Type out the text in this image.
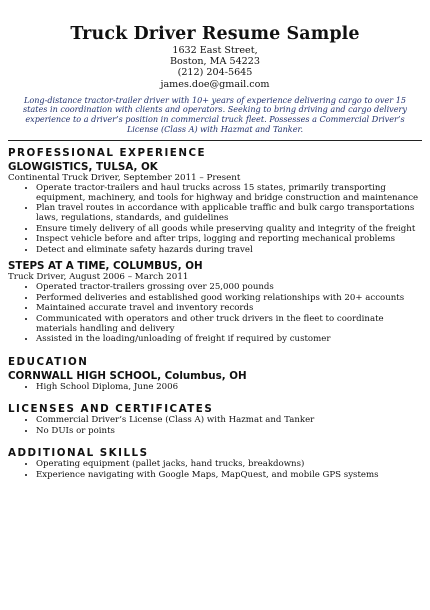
Truck Driver Resume Sample
1632 East Street,
Boston, MA 54223
(212) 204-5645
james.doe@gmail.com
Long-distance tractor-trailer driver with 10+ years of experience delivering cargo to over 15 states in coordination with clients and operators. Seeking to bring driving and cargo delivery experience to a driver’s position in commercial truck fleet. Possesses a Commercial Driver’s License (Class A) with Hazmat and Tanker.
PROFESSIONAL EXPERIENCE
GLOWGISTICS, TULSA, OK
Continental Truck Driver, September 2011 – Present
• Operate tractor-trailers and haul trucks across 15 states, primarily transporting equipment, machinery, and tools for highway and bridge construction and maintenance
• Plan travel routes in accordance with applicable traffic and bulk cargo transportations laws, regulations, standards, and guidelines
• Ensure timely delivery of all goods while preserving quality and integrity of the freight
• Inspect vehicle before and after trips, logging and reporting mechanical problems
• Detect and eliminate safety hazards during travel
STEPS AT A TIME, COLUMBUS, OH
Truck Driver, August 2006 – March 2011
• Operated tractor-trailers grossing over 25,000 pounds
• Performed deliveries and established good working relationships with 20+ accounts
• Maintained accurate travel and inventory records
• Communicated with operators and other truck drivers in the fleet to coordinate materials handling and delivery
• Assisted in the loading/unloading of freight if required by customer
EDUCATION
CORNWALL HIGH SCHOOL, Columbus, OH
• High School Diploma, June 2006
LICENSES AND CERTIFICATES
• Commercial Driver’s License (Class A) with Hazmat and Tanker
• No DUIs or points
ADDITIONAL SKILLS
• Operating equipment (pallet jacks, hand trucks, breakdowns)
• Experience navigating with Google Maps, MapQuest, and mobile GPS systems
